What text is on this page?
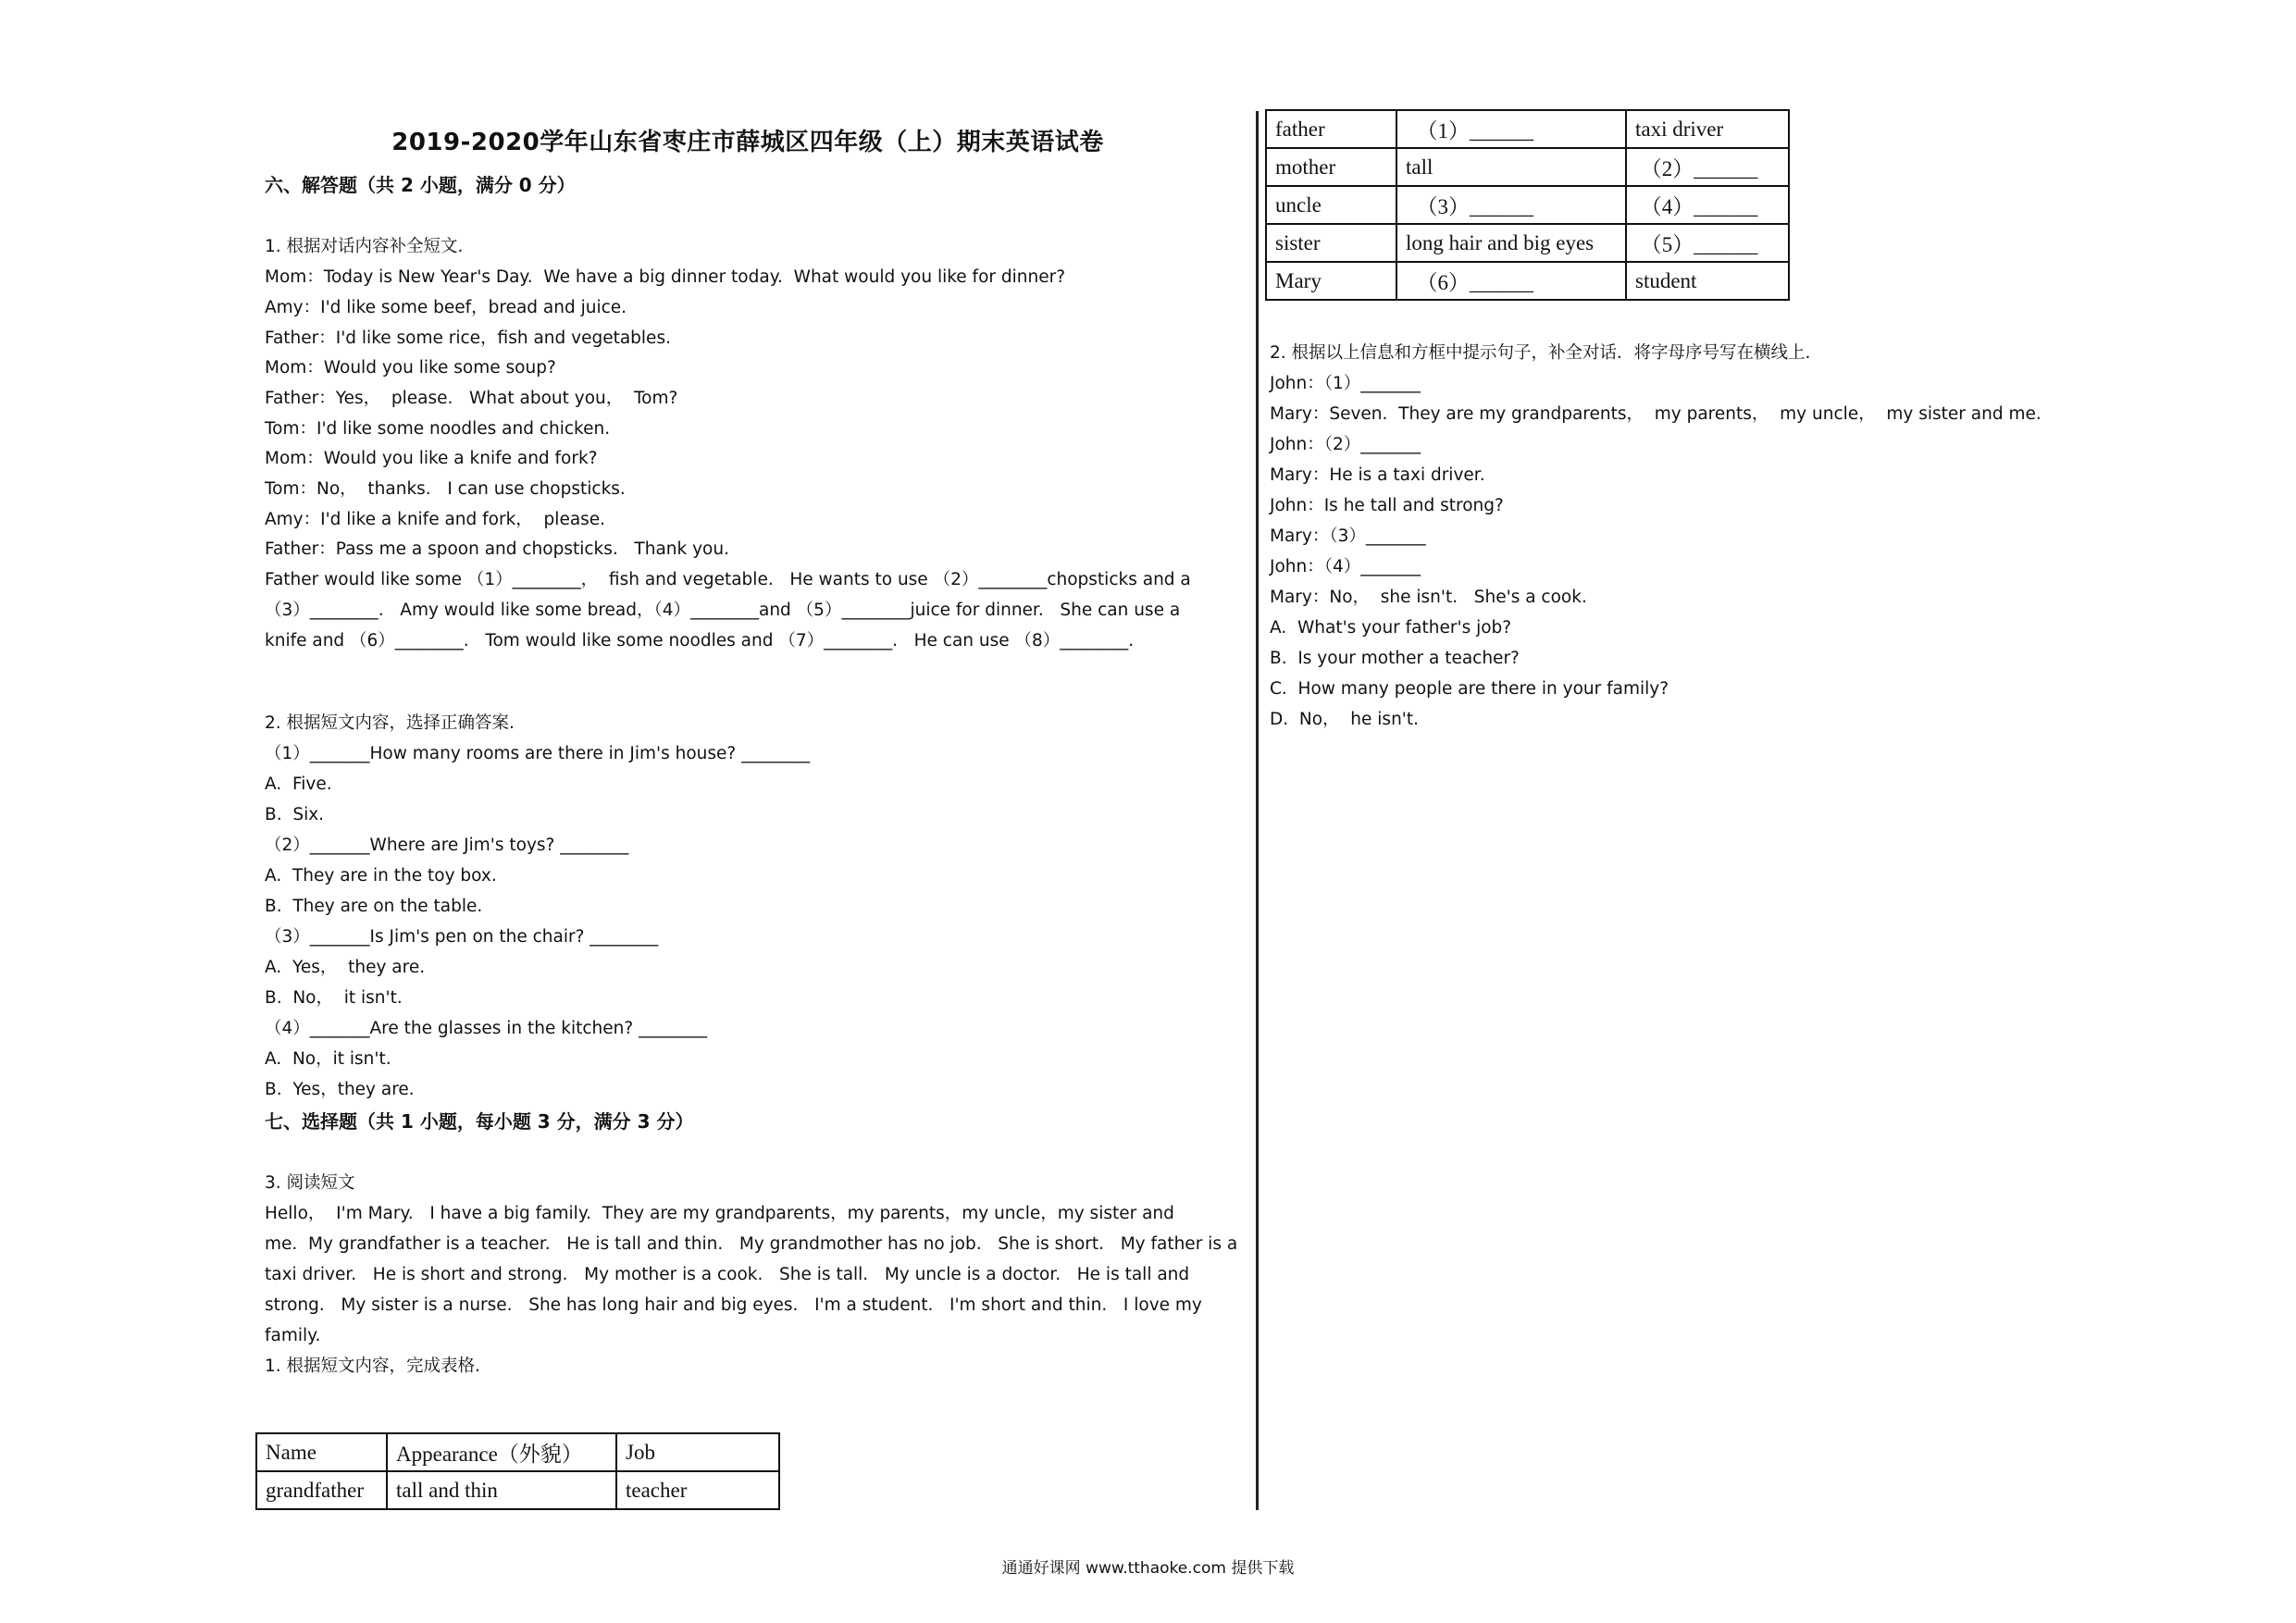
2019-2020学年山东省枣庄市薛城区四年级（上）期末英语试卷
六、解答题（共 2 小题，满分 0 分）
1. 根据对话内容补全短文.
Mom：Today is New Year's Day.  We have a big dinner today.  What would you like for dinner?
Amy：I'd like some beef，bread and juice.
Father：I'd like some rice，fish and vegetables.
Mom：Would you like some soup?
Father：Yes，  please.   What about you，  Tom?
Tom：I'd like some noodles and chicken.
Mom：Would you like a knife and fork?
Tom：No，  thanks.   I can use chopsticks.
Amy：I'd like a knife and fork，  please.
Father：Pass me a spoon and chopsticks.   Thank you.
Father would like some （1）________，  fish and vegetable.   He wants to use （2）________chopsticks and a
（3）________.   Amy would like some bread，（4）________and （5）________juice for dinner.   She can use a
knife and （6）________.   Tom would like some noodles and （7）________.   He can use （8）________.
2. 根据短文内容，选择正确答案.
（1）_______How many rooms are there in Jim's house? ________
A.  Five.
B.  Six.
（2）_______Where are Jim's toys? ________
A.  They are in the toy box.
B.  They are on the table.
（3）_______Is Jim's pen on the chair? ________
A.  Yes，  they are.
B.  No，  it isn't.
（4）_______Are the glasses in the kitchen? ________
A.  No，it isn't.
B.  Yes，they are.
七、选择题（共 1 小题，每小题 3 分，满分 3 分）
3. 阅读短文
Hello，  I'm Mary.   I have a big family.  They are my grandparents，my parents，my uncle，my sister and
me.  My grandfather is a teacher.   He is tall and thin.   My grandmother has no job.   She is short.   My father is a
taxi driver.   He is short and strong.   My mother is a cook.   She is tall.   My uncle is a doctor.   He is tall and
strong.   My sister is a nurse.   She has long hair and big eyes.   I'm a student.   I'm short and thin.   I love my
family.
1. 根据短文内容，完成表格.
Name	Appearance（外貌）	Job
grandfather	tall and thin	teacher
father	（1）______	taxi driver
mother	tall	（2）______
uncle	（3）______	（4）______
sister	long hair and big eyes	（5）______
Mary	（6）______	student
2. 根据以上信息和方框中提示句子，补全对话．将字母序号写在横线上.
John：（1）_______
Mary：Seven.  They are my grandparents，  my parents，  my uncle，  my sister and me.
John：（2）_______
Mary：He is a taxi driver.
John：Is he tall and strong?
Mary：（3）_______
John：（4）_______
Mary：No，  she isn't.   She's a cook.
A.  What's your father's job?
B.  Is your mother a teacher?
C.  How many people are there in your family?
D.  No，  he isn't.
通通好课网 www.tthaoke.com 提供下载
